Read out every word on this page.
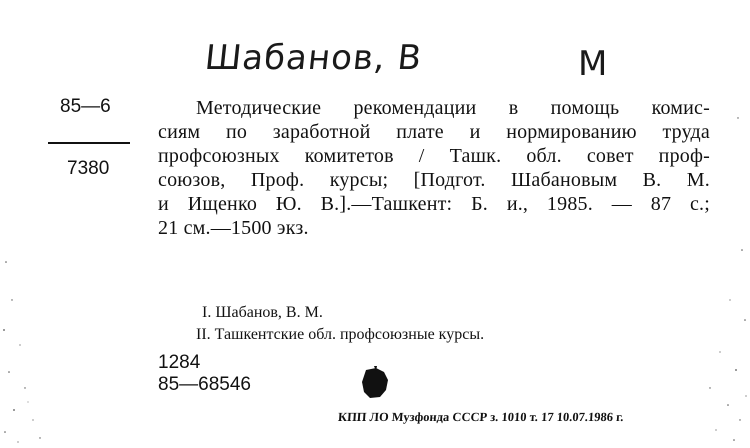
Шабанов, В	М
85—6
7380
Методические рекомендации в помощь комис-
сиям по заработной плате и нормированию труда
профсоюзных комитетов / Ташк. обл. совет проф-
союзов, Проф. курсы; [Подгот. Шабановым В. М.
и Ищенко Ю. В.].—Ташкент: Б. и., 1985. — 87 с.;
21 см.—1500 экз.
I. Шабанов, В. М.
II. Ташкентские обл. профсоюзные курсы.
1284
85—68546
КПП ЛО Музфонда СССР з. 1010 т. 17 10.07.1986 г.
